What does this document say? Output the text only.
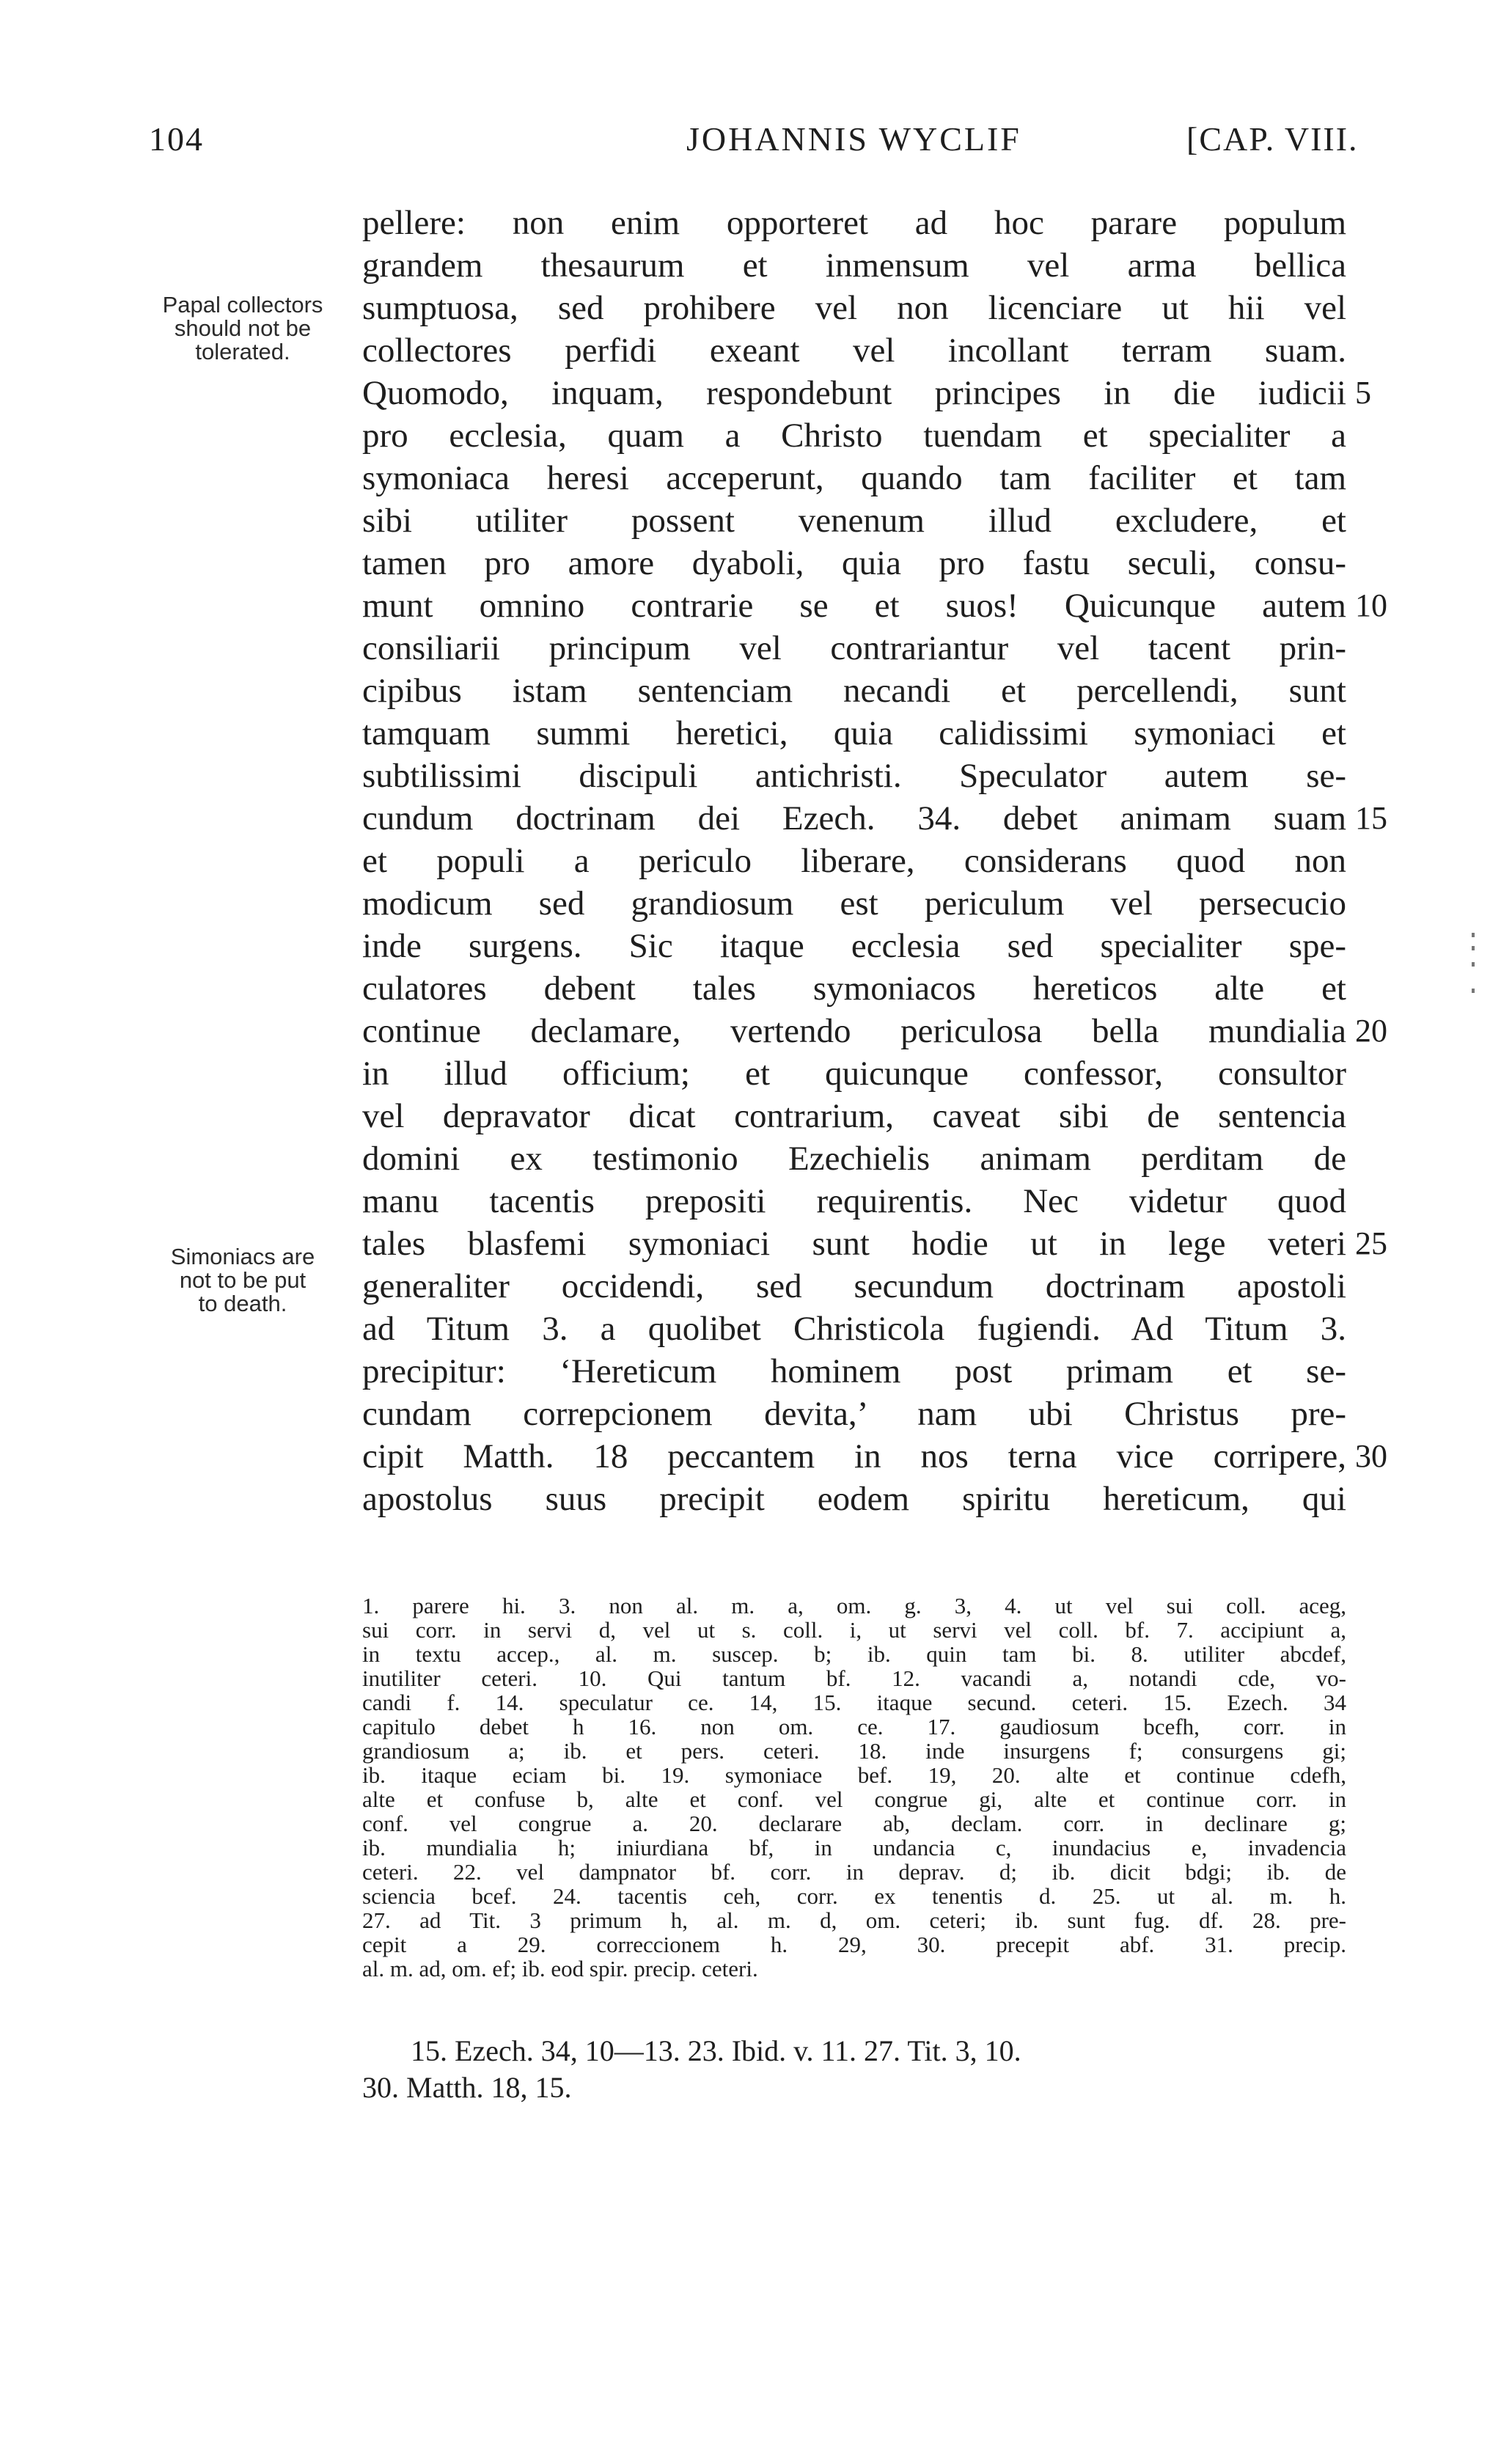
104	JOHANNIS WYCLIF	[CAP. VIII.
Papal collectors
should not be
tolerated.
Simoniacs are
not to be put
to death.
pellere: non enim opporteret ad hoc parare populum
grandem thesaurum et inmensum vel arma bellica
sumptuosa, sed prohibere vel non licenciare ut hii vel
collectores perfidi exeant vel incollant terram suam.
Quomodo, inquam, respondebunt principes in die iudicii
pro ecclesia, quam a Christo tuendam et specialiter a
symoniaca heresi acceperunt, quando tam faciliter et tam
sibi utiliter possent venenum illud excludere, et
tamen pro amore dyaboli, quia pro fastu seculi, consu-
munt omnino contrarie se et suos! Quicunque autem
consiliarii principum vel contrariantur vel tacent prin-
cipibus istam sentenciam necandi et percellendi, sunt
tamquam summi heretici, quia calidissimi symoniaci et
subtilissimi discipuli antichristi. Speculator autem se-
cundum doctrinam dei Ezech. 34. debet animam suam
et populi a periculo liberare, considerans quod non
modicum sed grandiosum est periculum vel persecucio
inde surgens. Sic itaque ecclesia sed specialiter spe-
culatores debent tales symoniacos hereticos alte et
continue declamare, vertendo periculosa bella mundialia
in illud officium; et quicunque confessor, consultor
vel depravator dicat contrarium, caveat sibi de sentencia
domini ex testimonio Ezechielis animam perditam de
manu tacentis prepositi requirentis. Nec videtur quod
tales blasfemi symoniaci sunt hodie ut in lege veteri
generaliter occidendi, sed secundum doctrinam apostoli
ad Titum 3. a quolibet Christicola fugiendi. Ad Titum 3.
precipitur: ‘Hereticum hominem post primam et se-
cundam correpcionem devita,’ nam ubi Christus pre-
cipit Matth. 18 peccantem in nos terna vice corripere,
apostolus suus precipit eodem spiritu hereticum, qui
5
10
15
20
25
30
1. parere hi. 3. non al. m. a, om. g. 3, 4. ut vel sui coll. aceg,
sui corr. in servi d, vel ut s. coll. i, ut servi vel coll. bf. 7. accipiunt a,
in textu accep., al. m. suscep. b; ib. quin tam bi. 8. utiliter abcdef,
inutiliter ceteri. 10. Qui tantum bf. 12. vacandi a, notandi cde, vo-
candi f. 14. speculatur ce. 14, 15. itaque secund. ceteri. 15. Ezech. 34
capitulo debet h 16. non om. ce. 17. gaudiosum bcefh, corr. in
grandiosum a; ib. et pers. ceteri. 18. inde insurgens f; consurgens gi;
ib. itaque eciam bi. 19. symoniace bef. 19, 20. alte et continue cdefh,
alte et confuse b, alte et conf. vel congrue gi, alte et continue corr. in
conf. vel congrue a. 20. declarare ab, declam. corr. in declinare g;
ib. mundialia h; iniurdiana bf, in undancia c, inundacius e, invadencia
ceteri. 22. vel dampnator bf. corr. in deprav. d; ib. dicit bdgi; ib. de
sciencia bcef. 24. tacentis ceh, corr. ex tenentis d. 25. ut al. m. h.
27. ad Tit. 3 primum h, al. m. d, om. ceteri; ib. sunt fug. df. 28. pre-
cepit a 29. correccionem h. 29, 30. precepit abf. 31. precip.
al. m. ad, om. ef; ib. eod spir. precip. ceteri.
15. Ezech. 34, 10—13. 23. Ibid. v. 11. 27. Tit. 3, 10.
30. Matth. 18, 15.
